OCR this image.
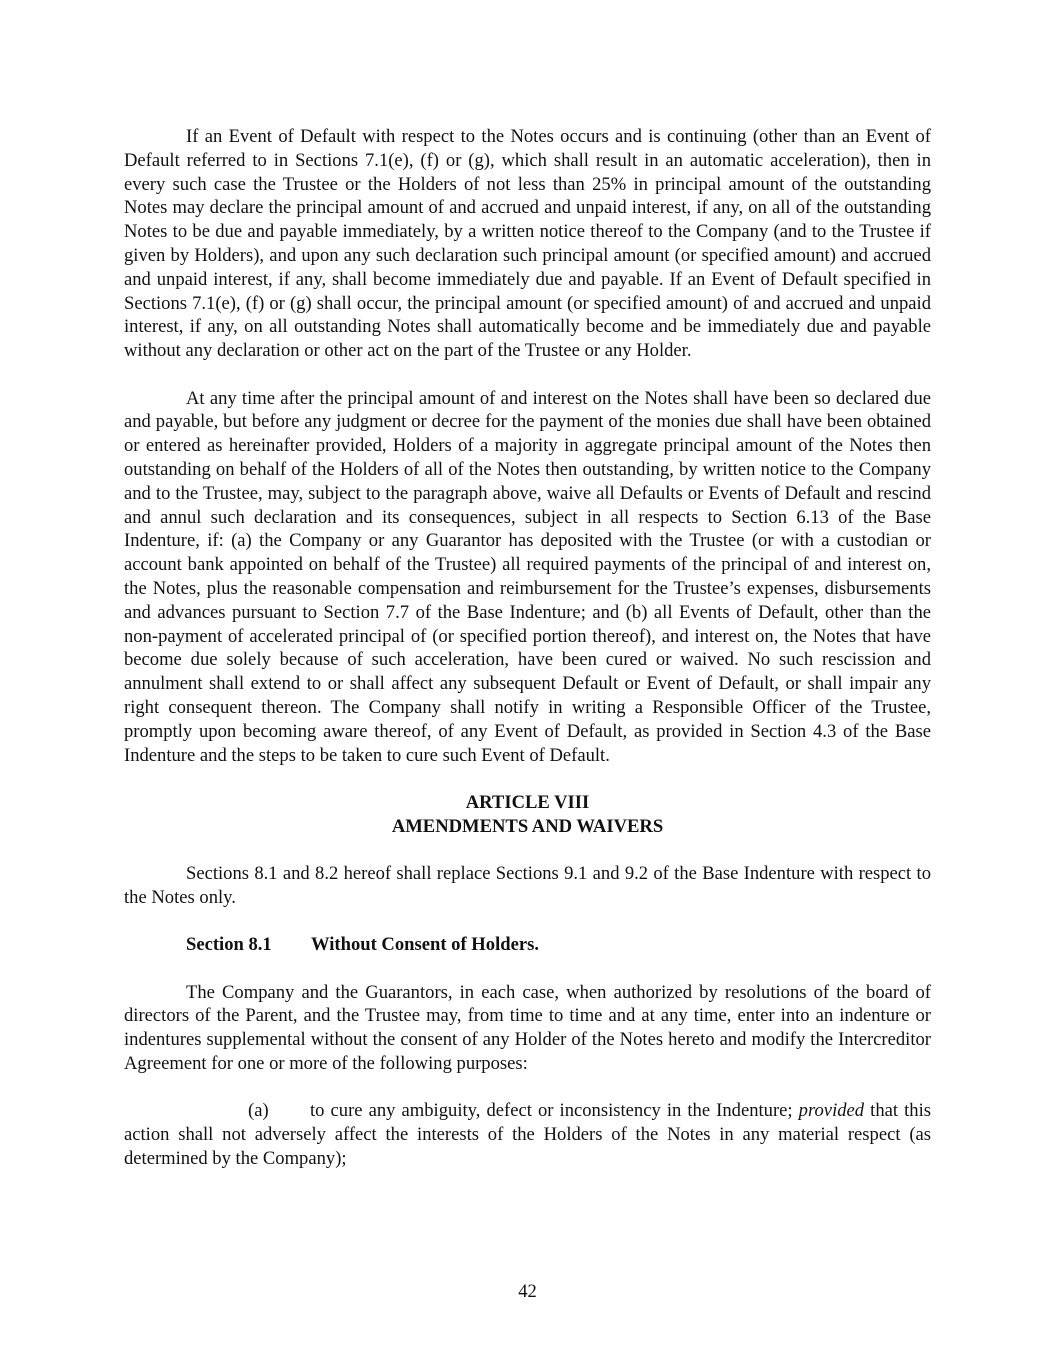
If an Event of Default with respect to the Notes occurs and is continuing (other than an Event of Default referred to in Sections 7.1(e), (f) or (g), which shall result in an automatic acceleration), then in every such case the Trustee or the Holders of not less than 25% in principal amount of the outstanding Notes may declare the principal amount of and accrued and unpaid interest, if any, on all of the outstanding Notes to be due and payable immediately, by a written notice thereof to the Company (and to the Trustee if given by Holders), and upon any such declaration such principal amount (or specified amount) and accrued and unpaid interest, if any, shall become immediately due and payable. If an Event of Default specified in Sections 7.1(e), (f) or (g) shall occur, the principal amount (or specified amount) of and accrued and unpaid interest, if any, on all outstanding Notes shall automatically become and be immediately due and payable without any declaration or other act on the part of the Trustee or any Holder.

At any time after the principal amount of and interest on the Notes shall have been so declared due and payable, but before any judgment or decree for the payment of the monies due shall have been obtained or entered as hereinafter provided, Holders of a majority in aggregate principal amount of the Notes then outstanding on behalf of the Holders of all of the Notes then outstanding, by written notice to the Company and to the Trustee, may, subject to the paragraph above, waive all Defaults or Events of Default and rescind and annul such declaration and its consequences, subject in all respects to Section 6.13 of the Base Indenture, if: (a) the Company or any Guarantor has deposited with the Trustee (or with a custodian or account bank appointed on behalf of the Trustee) all required payments of the principal of and interest on, the Notes, plus the reasonable compensation and reimbursement for the Trustee’s expenses, disbursements and advances pursuant to Section 7.7 of the Base Indenture; and (b) all Events of Default, other than the non-payment of accelerated principal of (or specified portion thereof), and interest on, the Notes that have become due solely because of such acceleration, have been cured or waived. No such rescission and annulment shall extend to or shall affect any subsequent Default or Event of Default, or shall impair any right consequent thereon. The Company shall notify in writing a Responsible Officer of the Trustee, promptly upon becoming aware thereof, of any Event of Default, as provided in Section 4.3 of the Base Indenture and the steps to be taken to cure such Event of Default.

ARTICLE VIII
AMENDMENTS AND WAIVERS

Sections 8.1 and 8.2 hereof shall replace Sections 9.1 and 9.2 of the Base Indenture with respect to the Notes only.

Section 8.1 Without Consent of Holders.

The Company and the Guarantors, in each case, when authorized by resolutions of the board of directors of the Parent, and the Trustee may, from time to time and at any time, enter into an indenture or indentures supplemental without the consent of any Holder of the Notes hereto and modify the Intercreditor Agreement for one or more of the following purposes:

(a) to cure any ambiguity, defect or inconsistency in the Indenture; provided that this action shall not adversely affect the interests of the Holders of the Notes in any material respect (as determined by the Company);

42
